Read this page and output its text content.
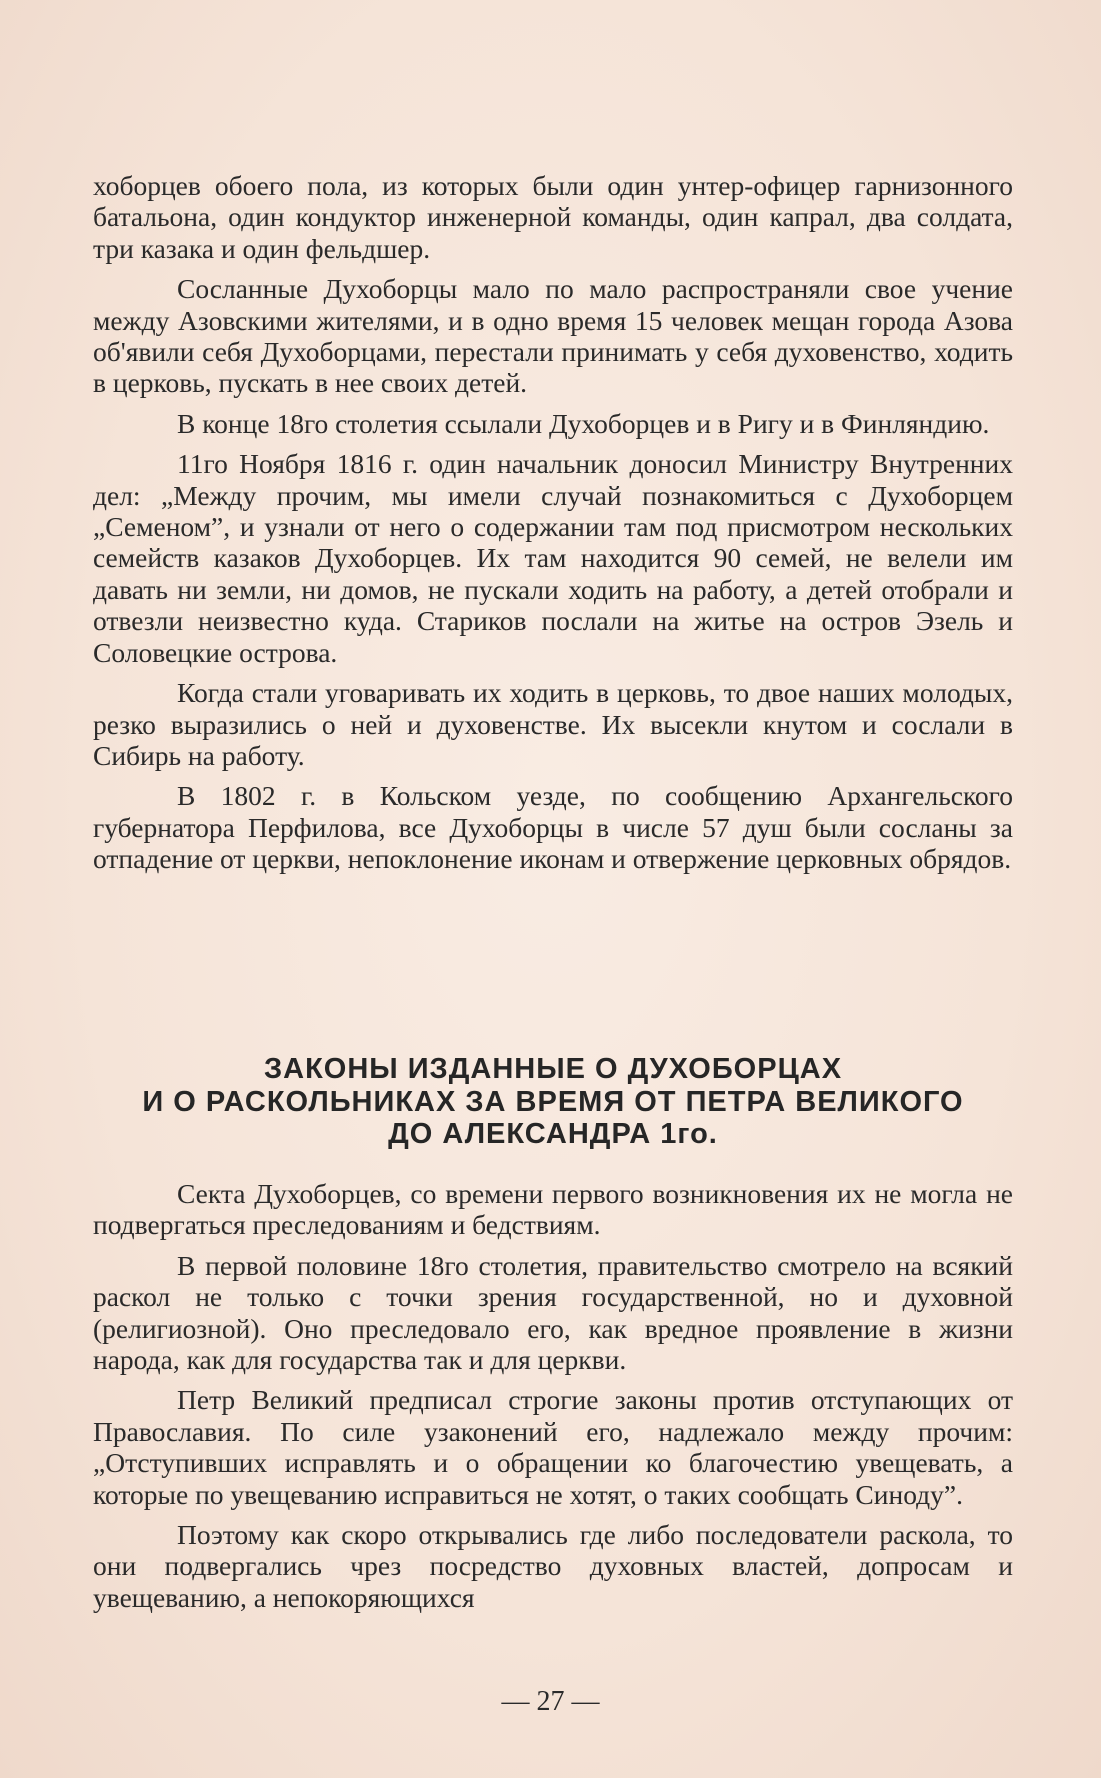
хоборцев обоего пола, из которых были один унтер-офицер гарнизонного батальона, один кондуктор инженерной команды, один капрал, два солдата, три казака и один фельдшер.

Сосланные Духоборцы мало по мало распространяли свое учение между Азовскими жителями, и в одно время 15 человек мещан города Азова об'явили себя Духоборцами, перестали принимать у себя духовенство, ходить в церковь, пускать в нее своих детей.

В конце 18го столетия ссылали Духоборцев и в Ригу и в Финляндию.

11го Ноября 1816 г. один начальник доносил Министру Внутренних дел: „Между прочим, мы имели случай познакомиться с Духоборцем „Семеном”, и узнали от него о содержании там под присмотром нескольких семейств казаков Духоборцев. Их там находится 90 семей, не велели им давать ни земли, ни домов, не пускали ходить на работу, а детей отобрали и отвезли неизвестно куда. Стариков послали на житье на остров Эзель и Соловецкие острова.

Когда стали уговаривать их ходить в церковь, то двое наших молодых, резко выразились о ней и духовенстве. Их высекли кнутом и сослали в Сибирь на работу.

В 1802 г. в Кольском уезде, по сообщению Архангельского губернатора Перфилова, все Духоборцы в числе 57 душ были сосланы за отпадение от церкви, непоклонение иконам и отвержение церковных обрядов.

ЗАКОНЫ ИЗДАННЫЕ О ДУХОБОРЦАХ
И О РАСКОЛЬНИКАХ ЗА ВРЕМЯ ОТ ПЕТРА ВЕЛИКОГО
ДО АЛЕКСАНДРА 1го.

Секта Духоборцев, со времени первого возникновения их не могла не подвергаться преследованиям и бедствиям.

В первой половине 18го столетия, правительство смотрело на всякий раскол не только с точки зрения государственной, но и духовной (религиозной). Оно преследовало его, как вредное проявление в жизни народа, как для государства так и для церкви.

Петр Великий предписал строгие законы против отступающих от Православия. По силе узаконений его, надлежало между прочим: „Отступивших исправлять и о обращении ко благочестию увещевать, а которые по увещеванию исправиться не хотят, о таких сообщать Синоду”.

Поэтому как скоро открывались где либо последователи раскола, то они подвергались чрез посредство духовных властей, допросам и увещеванию, а непокоряющихся

— 27 —
